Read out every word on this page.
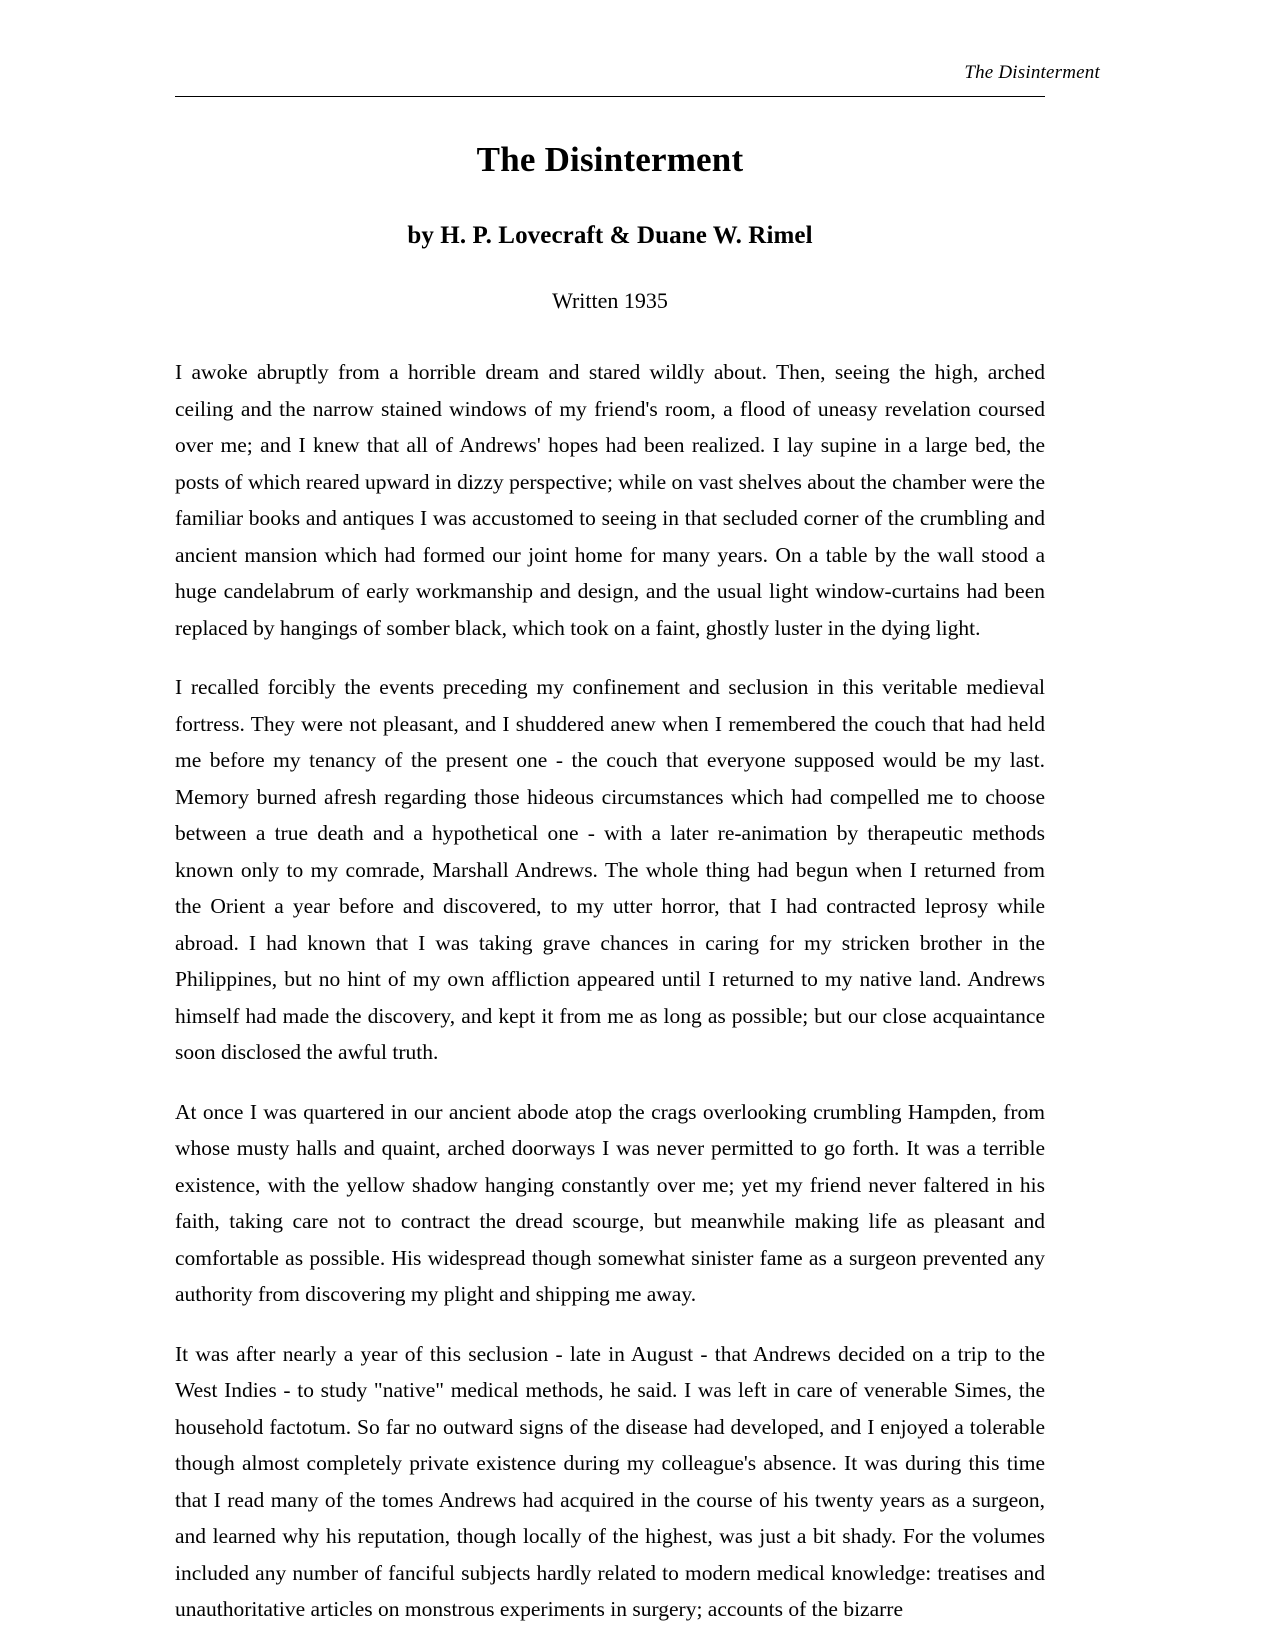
The Disinterment
The Disinterment
by H. P. Lovecraft & Duane W. Rimel
Written 1935

I awoke abruptly from a horrible dream and stared wildly about. Then, seeing the high, arched ceiling and the narrow stained windows of my friend's room, a flood of uneasy revelation coursed over me; and I knew that all of Andrews' hopes had been realized. I lay supine in a large bed, the posts of which reared upward in dizzy perspective; while on vast shelves about the chamber were the familiar books and antiques I was accustomed to seeing in that secluded corner of the crumbling and ancient mansion which had formed our joint home for many years. On a table by the wall stood a huge candelabrum of early workmanship and design, and the usual light window-curtains had been replaced by hangings of somber black, which took on a faint, ghostly luster in the dying light.

I recalled forcibly the events preceding my confinement and seclusion in this veritable medieval fortress. They were not pleasant, and I shuddered anew when I remembered the couch that had held me before my tenancy of the present one - the couch that everyone supposed would be my last. Memory burned afresh regarding those hideous circumstances which had compelled me to choose between a true death and a hypothetical one - with a later re-animation by therapeutic methods known only to my comrade, Marshall Andrews. The whole thing had begun when I returned from the Orient a year before and discovered, to my utter horror, that I had contracted leprosy while abroad. I had known that I was taking grave chances in caring for my stricken brother in the Philippines, but no hint of my own affliction appeared until I returned to my native land. Andrews himself had made the discovery, and kept it from me as long as possible; but our close acquaintance soon disclosed the awful truth.

At once I was quartered in our ancient abode atop the crags overlooking crumbling Hampden, from whose musty halls and quaint, arched doorways I was never permitted to go forth. It was a terrible existence, with the yellow shadow hanging constantly over me; yet my friend never faltered in his faith, taking care not to contract the dread scourge, but meanwhile making life as pleasant and comfortable as possible. His widespread though somewhat sinister fame as a surgeon prevented any authority from discovering my plight and shipping me away.

It was after nearly a year of this seclusion - late in August - that Andrews decided on a trip to the West Indies - to study "native" medical methods, he said. I was left in care of venerable Simes, the household factotum. So far no outward signs of the disease had developed, and I enjoyed a tolerable though almost completely private existence during my colleague's absence. It was during this time that I read many of the tomes Andrews had acquired in the course of his twenty years as a surgeon, and learned why his reputation, though locally of the highest, was just a bit shady. For the volumes included any number of fanciful subjects hardly related to modern medical knowledge: treatises and unauthoritative articles on monstrous experiments in surgery; accounts of the bizarre
